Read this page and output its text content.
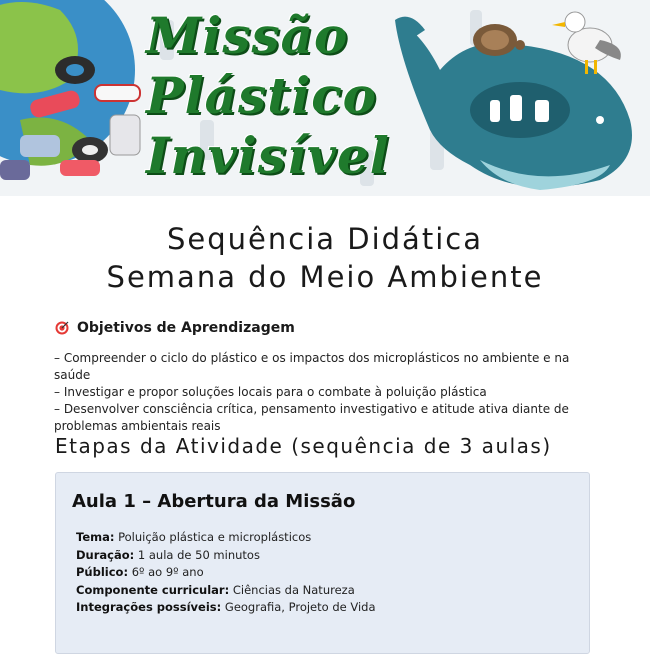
Missão
Plástico
Invisível
Sequência Didática
Semana do Meio Ambiente
Objetivos de Aprendizagem
– Compreender o ciclo do plástico e os impactos dos microplásticos no ambiente e na saúde
– Investigar e propor soluções locais para o combate à poluição plástica
– Desenvolver consciência crítica, pensamento investigativo e atitude ativa diante de problemas ambientais reais
Etapas da Atividade (sequência de 3 aulas)
Aula 1 – Abertura da Missão
Tema: Poluição plástica e microplásticos
Duração: 1 aula de 50 minutos
Público: 6º ao 9º ano
Componente curricular: Ciências da Natureza
Integrações possíveis: Geografia, Projeto de Vida
